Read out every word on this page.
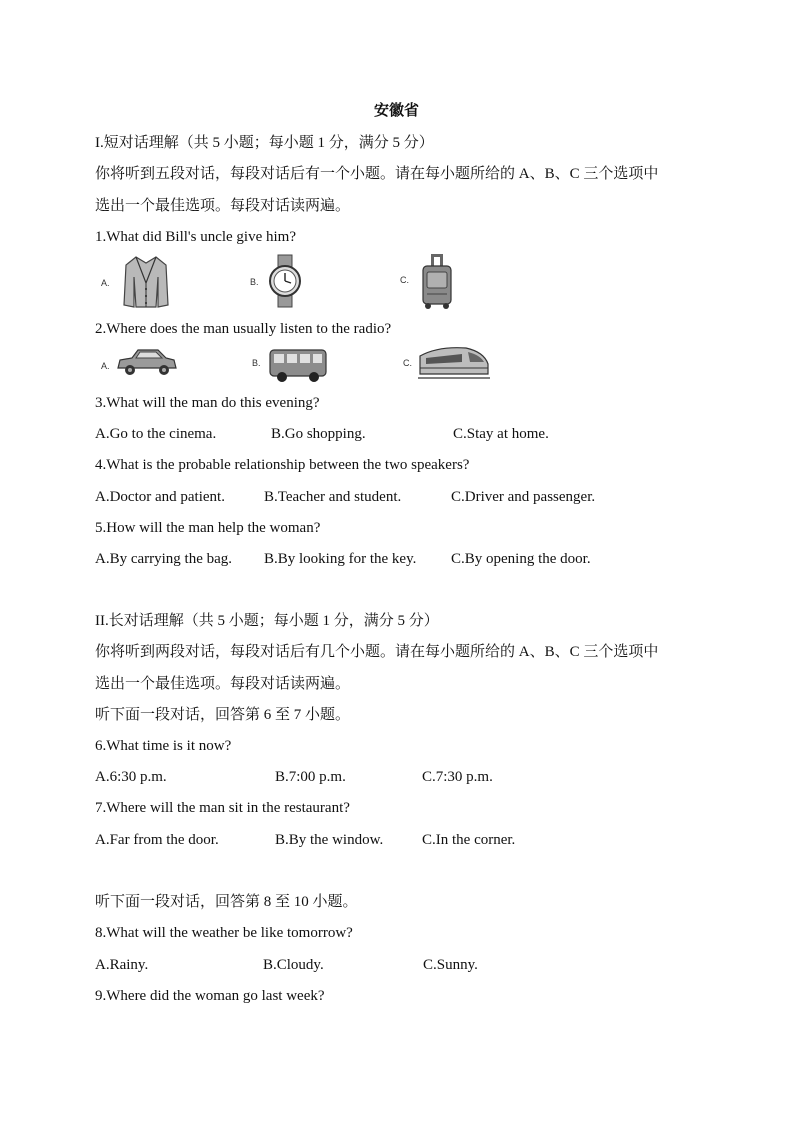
安徽省
I.短对话理解（共 5 小题；每小题 1 分，满分 5 分）
你将听到五段对话，每段对话后有一个小题。请在每小题所给的 A、B、C 三个选项中
选出一个最佳选项。每段对话读两遍。
1.What did Bill's uncle give him?
A.	B.	C.
2.Where does the man usually listen to the radio?
A.	B.	C.
3.What will the man do this evening?
A.Go to the cinema.	B.Go shopping.	C.Stay at home.
4.What is the probable relationship between the two speakers?
A.Doctor and patient.	B.Teacher and student.	C.Driver and passenger.
5.How will the man help the woman?
A.By carrying the bag. B.By looking for the key. C.By opening the door.
II.长对话理解（共 5 小题；每小题 1 分，满分 5 分）
你将听到两段对话，每段对话后有几个小题。请在每小题所给的 A、B、C 三个选项中
选出一个最佳选项。每段对话读两遍。
听下面一段对话，回答第 6 至 7 小题。
6.What time is it now?
A.6:30 p.m.	B.7:00 p.m.	C.7:30 p.m.
7.Where will the man sit in the restaurant?
A.Far from the door.	B.By the window.	C.In the corner.
听下面一段对话，回答第 8 至 10 小题。
8.What will the weather be like tomorrow?
A.Rainy.	B.Cloudy.	C.Sunny.
9.Where did the woman go last week?
